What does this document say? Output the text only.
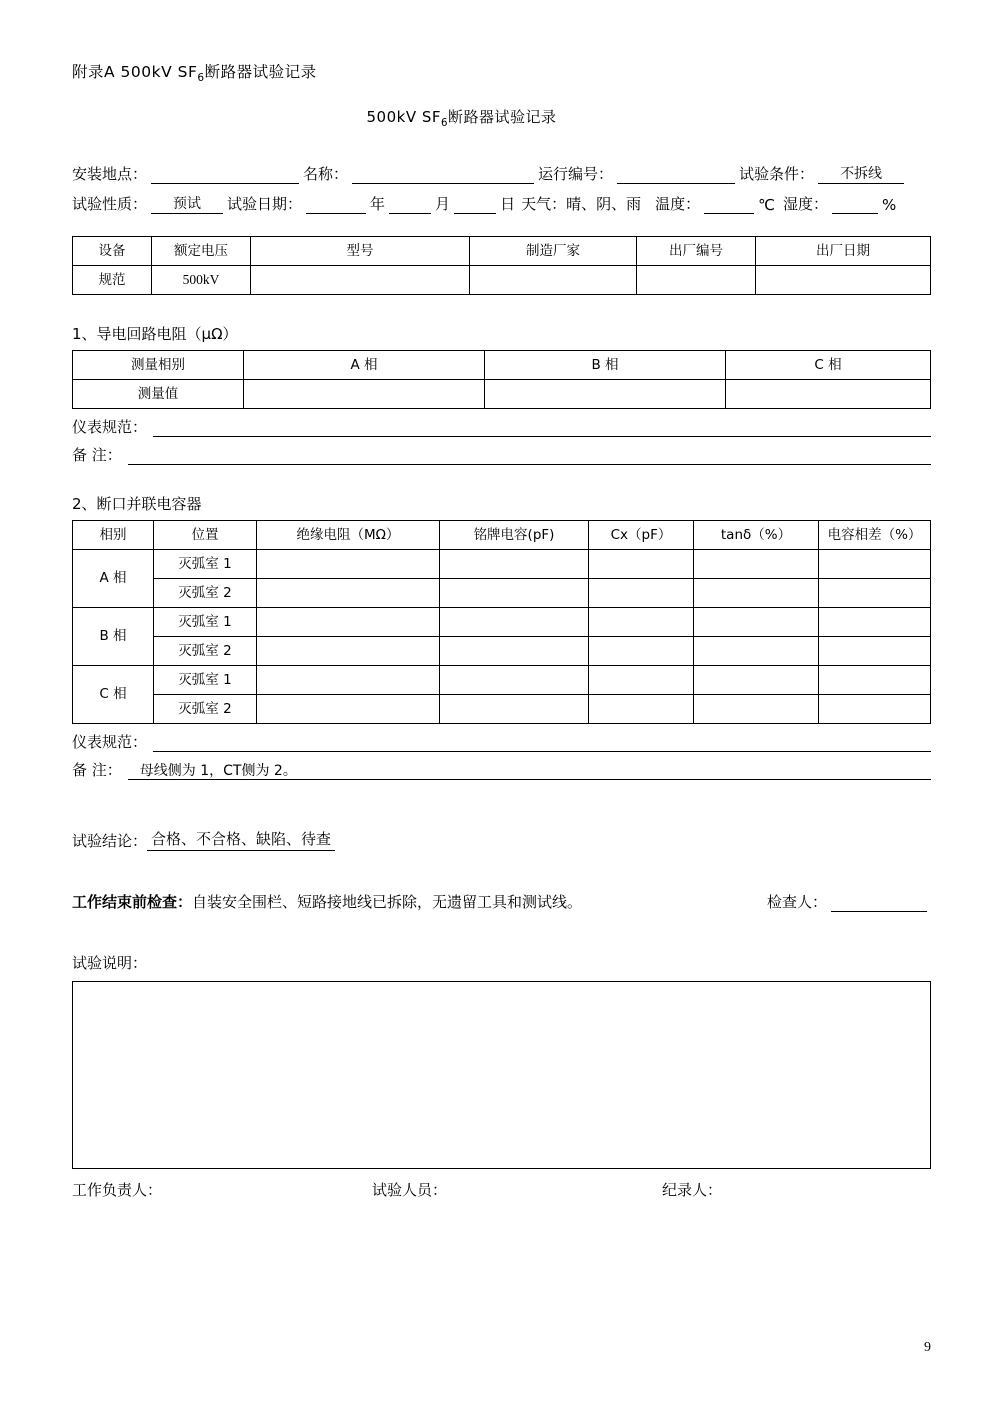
附录A 500kV $SF_6$断路器试验记录
500kV $SF_6$断路器试验记录
安装地点：	名称：	运行编号：	试验条件：	不拆线
试验性质：	预试	试验日期：	年	月	日 天气： 晴、阴、雨 温度：	℃ 湿度：	%
设备	额定电压	型号	制造厂家	出厂编号	出厂日期
规范	500kV				
1、导电回路电阻（μΩ）
测量相别	A 相	B 相	C 相
测量值			
仪表规范：
备 注：
2、断口并联电容器
相别	位置	绝缘电阻（MΩ）	铭牌电容(pF)	Cx（pF）	tanδ（%）	电容相差（%）
A 相	灭弧室 1					
	灭弧室 2					
B 相	灭弧室 1					
	灭弧室 2					
C 相	灭弧室 1					
	灭弧室 2					
仪表规范：
备 注：	母线侧为 1，CT侧为 2。
试验结论： 合格、不合格、缺陷、待查
工作结束前检查： 自装安全围栏、短路接地线已拆除，无遗留工具和测试线。	检查人：
试验说明：
工作负责人：	试验人员：	纪录人：
9
